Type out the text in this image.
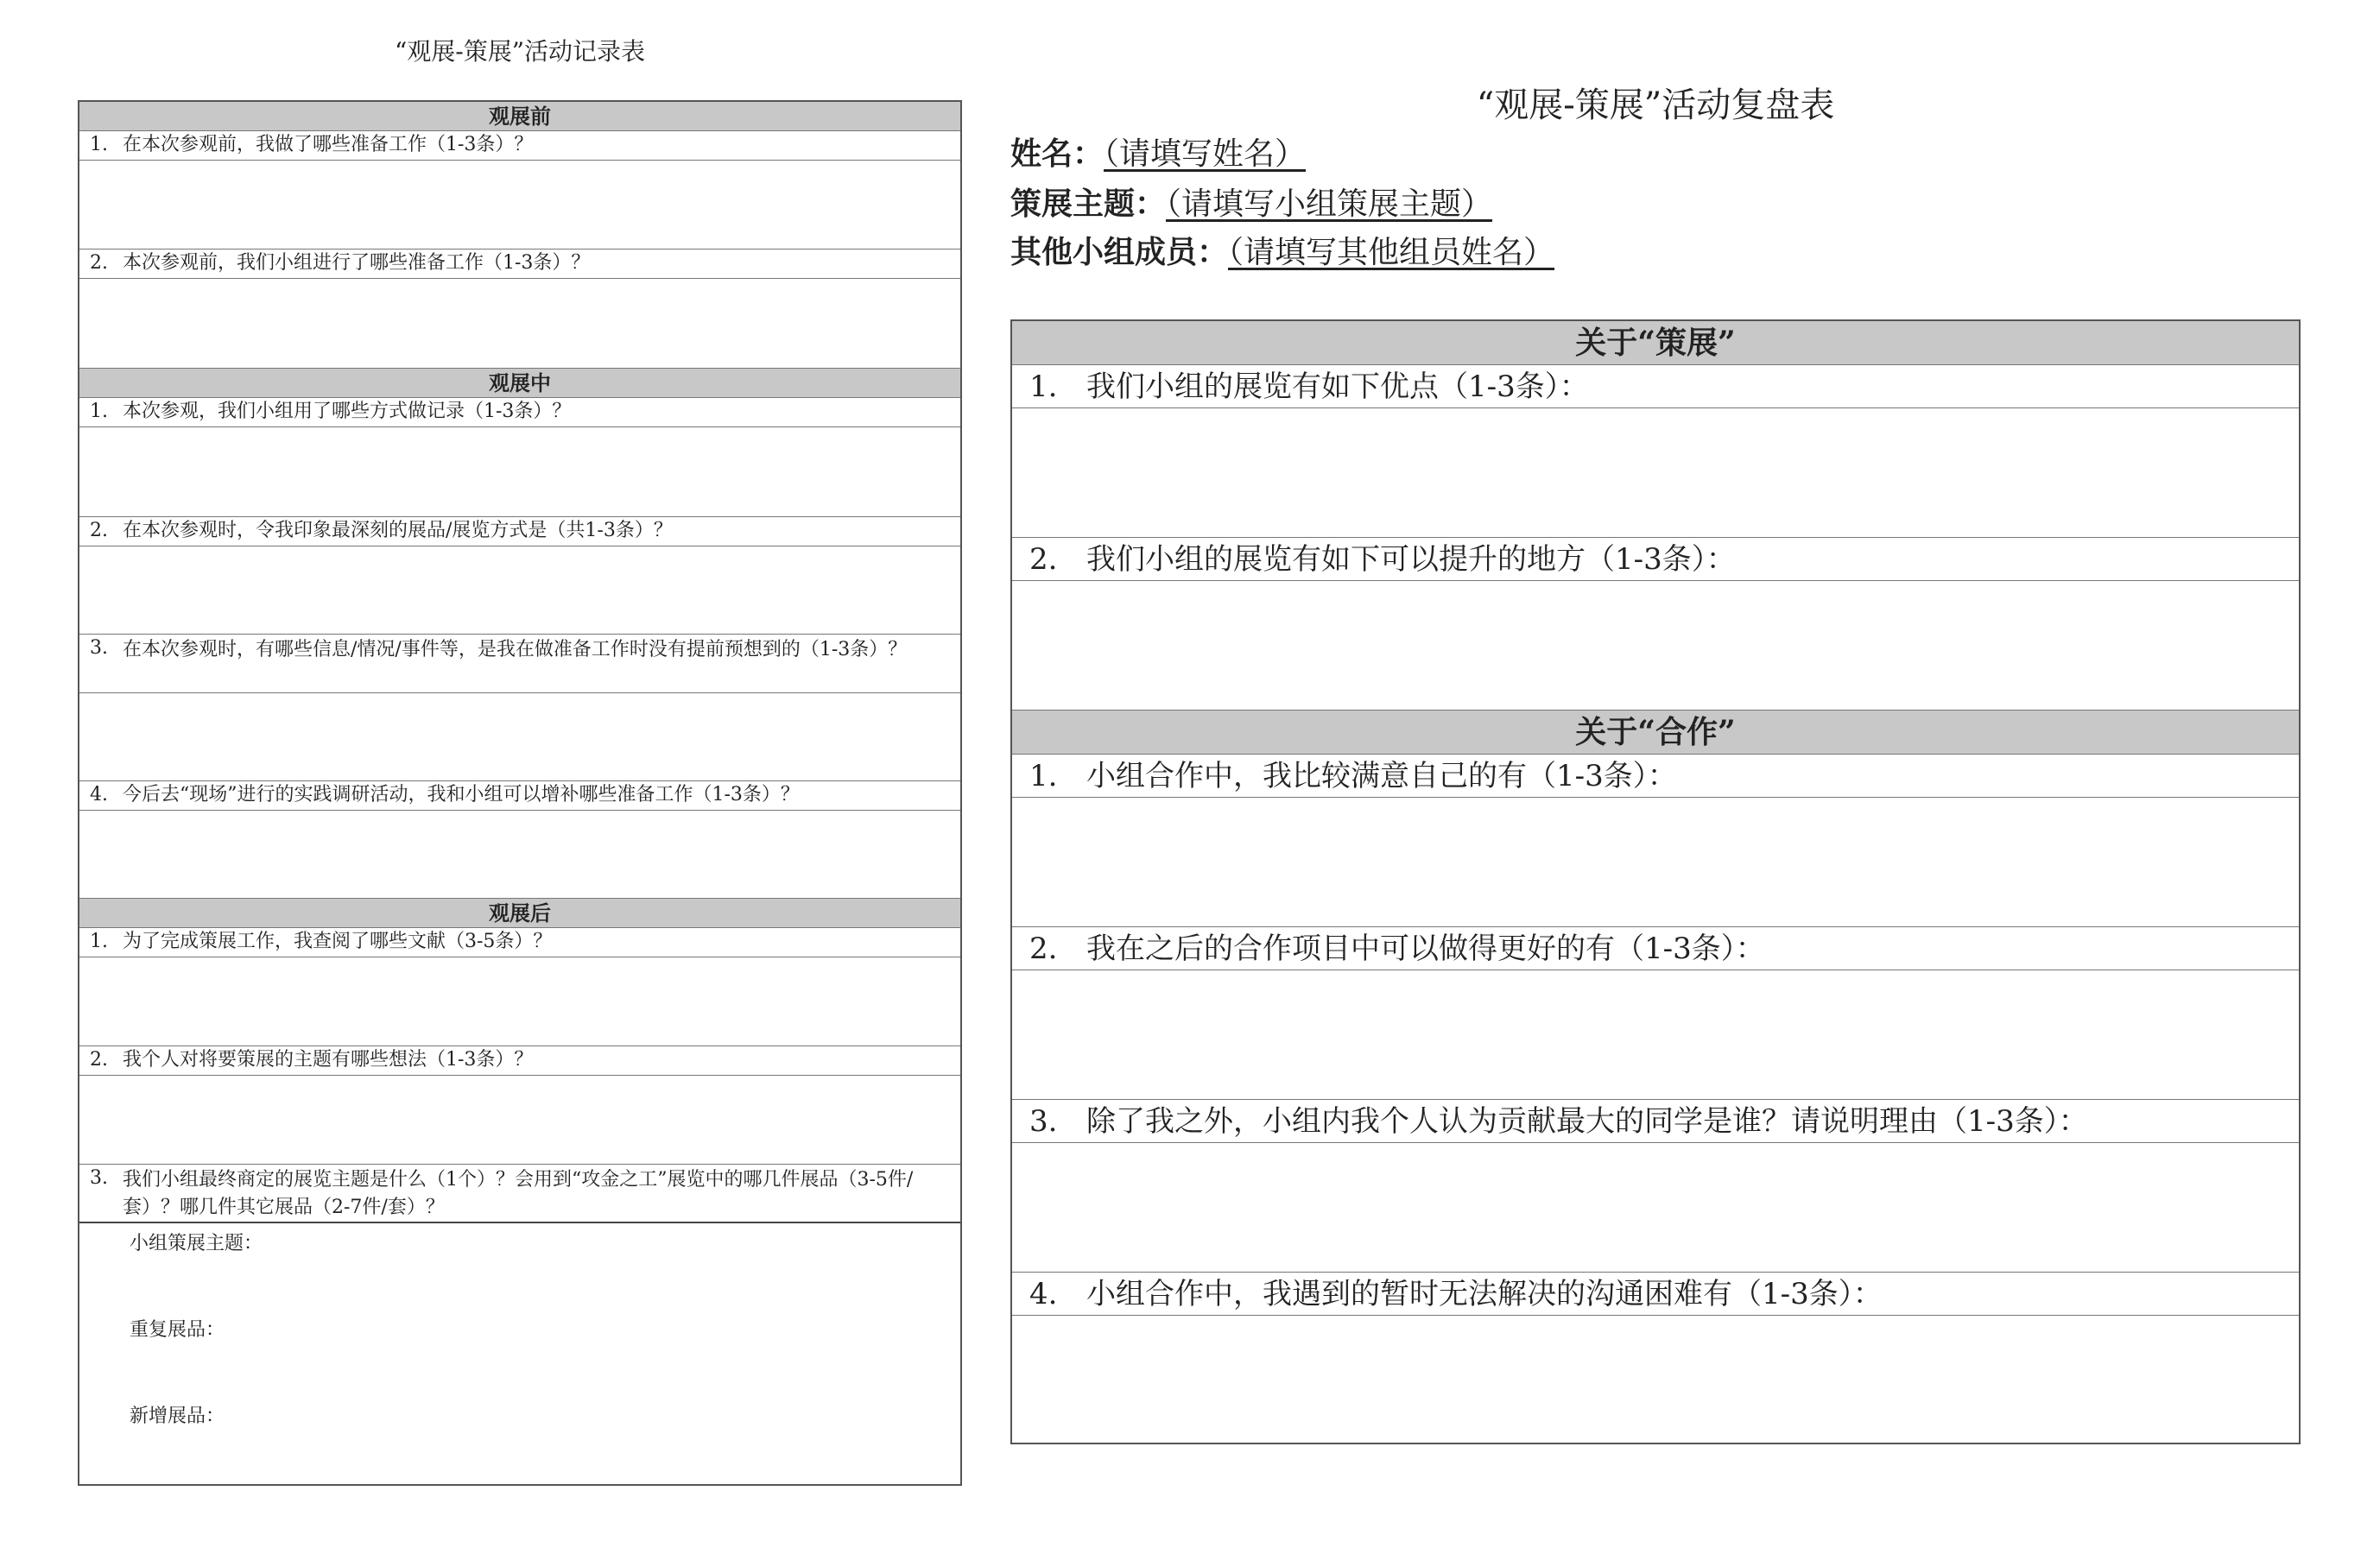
“观展-策展”活动记录表
观展前
1. 在本次参观前，我做了哪些准备工作（1-3条）？
2. 本次参观前，我们小组进行了哪些准备工作（1-3条）？
观展中
1. 本次参观，我们小组用了哪些方式做记录（1-3条）？
2. 在本次参观时，令我印象最深刻的展品/展览方式是（共1-3条）？
3. 在本次参观时，有哪些信息/情况/事件等，是我在做准备工作时没有提前预想到的（1-3条）？
4. 今后去“现场”进行的实践调研活动，我和小组可以增补哪些准备工作（1-3条）？
观展后
1. 为了完成策展工作，我查阅了哪些文献（3-5条）？
2. 我个人对将要策展的主题有哪些想法（1-3条）？
3. 我们小组最终商定的展览主题是什么（1个）？会用到“攻金之工”展览中的哪几件展品（3-5件/套）？哪几件其它展品（2-7件/套）？
小组策展主题：
重复展品：
新增展品：
“观展-策展”活动复盘表
姓名：（请填写姓名）
策展主题：（请填写小组策展主题）
其他小组成员：（请填写其他组员姓名）
关于“策展”
1. 我们小组的展览有如下优点（1-3条）：
2. 我们小组的展览有如下可以提升的地方（1-3条）：
关于“合作”
1. 小组合作中，我比较满意自己的有（1-3条）：
2. 我在之后的合作项目中可以做得更好的有（1-3条）：
3. 除了我之外，小组内我个人认为贡献最大的同学是谁？请说明理由（1-3条）：
4. 小组合作中，我遇到的暂时无法解决的沟通困难有（1-3条）：
